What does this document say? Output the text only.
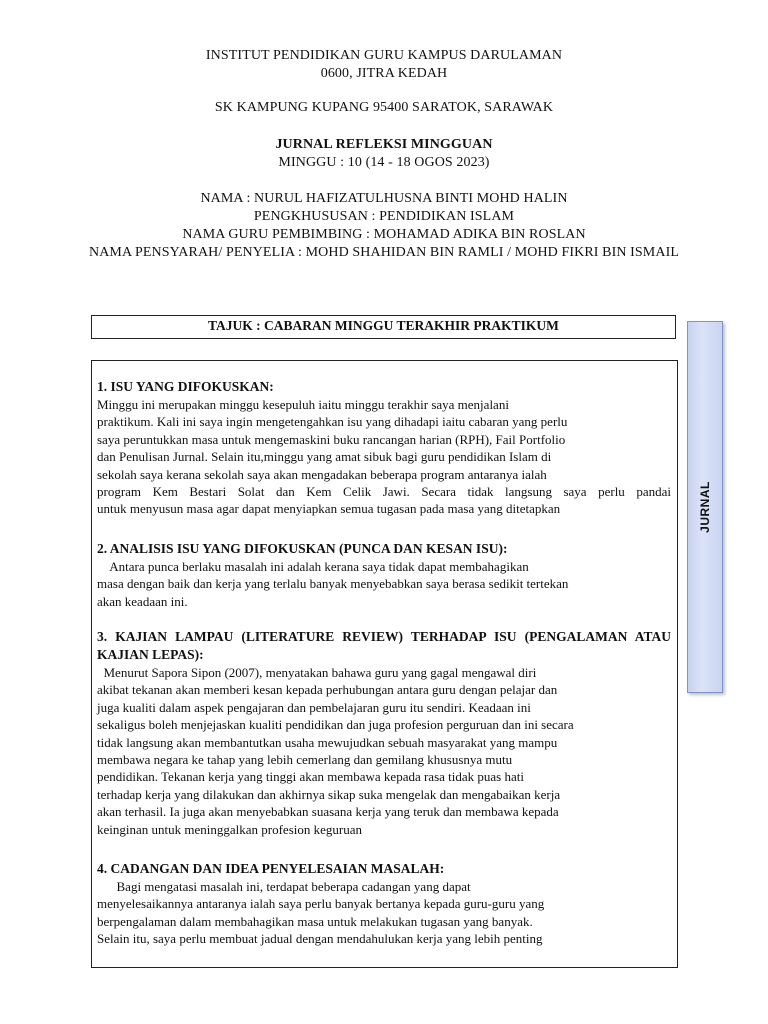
INSTITUT PENDIDIKAN GURU KAMPUS DARULAMAN
0600, JITRA KEDAH
SK KAMPUNG KUPANG 95400 SARATOK, SARAWAK
JURNAL REFLEKSI MINGGUAN
MINGGU : 10 (14 - 18 OGOS 2023)
NAMA : NURUL HAFIZATULHUSNA BINTI MOHD HALIN
PENGKHUSUSAN : PENDIDIKAN ISLAM
NAMA GURU PEMBIMBING : MOHAMAD ADIKA BIN ROSLAN
NAMA PENSYARAH/ PENYELIA : MOHD SHAHIDAN BIN RAMLI / MOHD FIKRI BIN ISMAIL
TAJUK : CABARAN MINGGU TERAKHIR PRAKTIKUM
JURNAL
1. ISU YANG DIFOKUSKAN:
Minggu ini merupakan minggu kesepuluh iaitu minggu terakhir saya menjalani
praktikum. Kali ini saya ingin mengetengahkan isu yang dihadapi iaitu cabaran yang perlu
saya peruntukkan masa untuk mengemaskini buku rancangan harian (RPH), Fail Portfolio
dan Penulisan Jurnal. Selain itu,minggu yang amat sibuk bagi guru pendidikan Islam di
sekolah saya kerana sekolah saya akan mengadakan beberapa program antaranya ialah
program Kem Bestari Solat dan Kem Celik Jawi. Secara tidak langsung saya perlu pandai
untuk menyusun masa agar dapat menyiapkan semua tugasan pada masa yang ditetapkan
2. ANALISIS ISU YANG DIFOKUSKAN (PUNCA DAN KESAN ISU):
Antara punca berlaku masalah ini adalah kerana saya tidak dapat membahagikan
masa dengan baik dan kerja yang terlalu banyak menyebabkan saya berasa sedikit tertekan
akan keadaan ini.
3. KAJIAN LAMPAU (LITERATURE REVIEW) TERHADAP ISU (PENGALAMAN ATAU KAJIAN LEPAS):
Menurut Sapora Sipon (2007), menyatakan bahawa guru yang gagal mengawal diri
akibat tekanan akan memberi kesan kepada perhubungan antara guru dengan pelajar dan
juga kualiti dalam aspek pengajaran dan pembelajaran guru itu sendiri. Keadaan ini
sekaligus boleh menjejaskan kualiti pendidikan dan juga profesion perguruan dan ini secara
tidak langsung akan membantutkan usaha mewujudkan sebuah masyarakat yang mampu
membawa negara ke tahap yang lebih cemerlang dan gemilang khususnya mutu
pendidikan. Tekanan kerja yang tinggi akan membawa kepada rasa tidak puas hati
terhadap kerja yang dilakukan dan akhirnya sikap suka mengelak dan mengabaikan kerja
akan terhasil. Ia juga akan menyebabkan suasana kerja yang teruk dan membawa kepada
keinginan untuk meninggalkan profesion keguruan
4. CADANGAN DAN IDEA PENYELESAIAN MASALAH:
Bagi mengatasi masalah ini, terdapat beberapa cadangan yang dapat
menyelesaikannya antaranya ialah saya perlu banyak bertanya kepada guru-guru yang
berpengalaman dalam membahagikan masa untuk melakukan tugasan yang banyak.
Selain itu, saya perlu membuat jadual dengan mendahulukan kerja yang lebih penting
